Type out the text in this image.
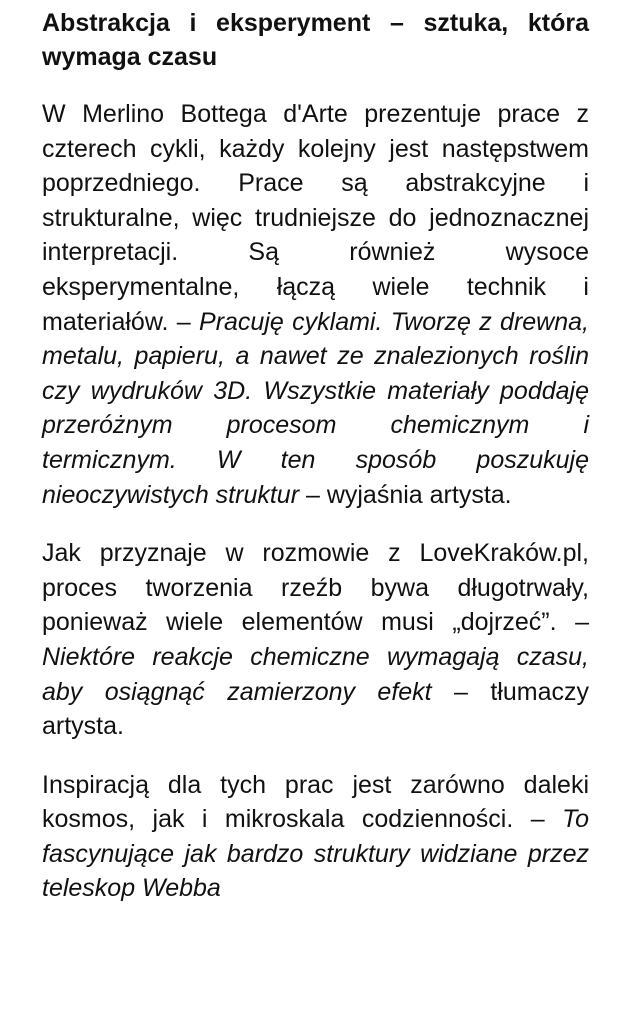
Abstrakcja i eksperyment – sztuka, która wymaga czasu

W Merlino Bottega d'Arte prezentuje prace z czterech cykli, każdy kolejny jest następstwem poprzedniego. Prace są abstrakcyjne i strukturalne, więc trudniejsze do jednoznacznej interpretacji. Są również wysoce eksperymentalne, łączą wiele technik i materiałów. – Pracuję cyklami. Tworzę z drewna, metalu, papieru, a nawet ze znalezionych roślin czy wydruków 3D. Wszystkie materiały poddaję przeróżnym procesom chemicznym i termicznym. W ten sposób poszukuję nieoczywistych struktur – wyjaśnia artysta.

Jak przyznaje w rozmowie z LoveKraków.pl, proces tworzenia rzeźb bywa długotrwały, ponieważ wiele elementów musi „dojrzeć”. – Niektóre reakcje chemiczne wymagają czasu, aby osiągnąć zamierzony efekt – tłumaczy artysta.

Inspiracją dla tych prac jest zarówno daleki kosmos, jak i mikroskala codzienności. – To fascynujące jak bardzo struktury widziane przez teleskop Webba
